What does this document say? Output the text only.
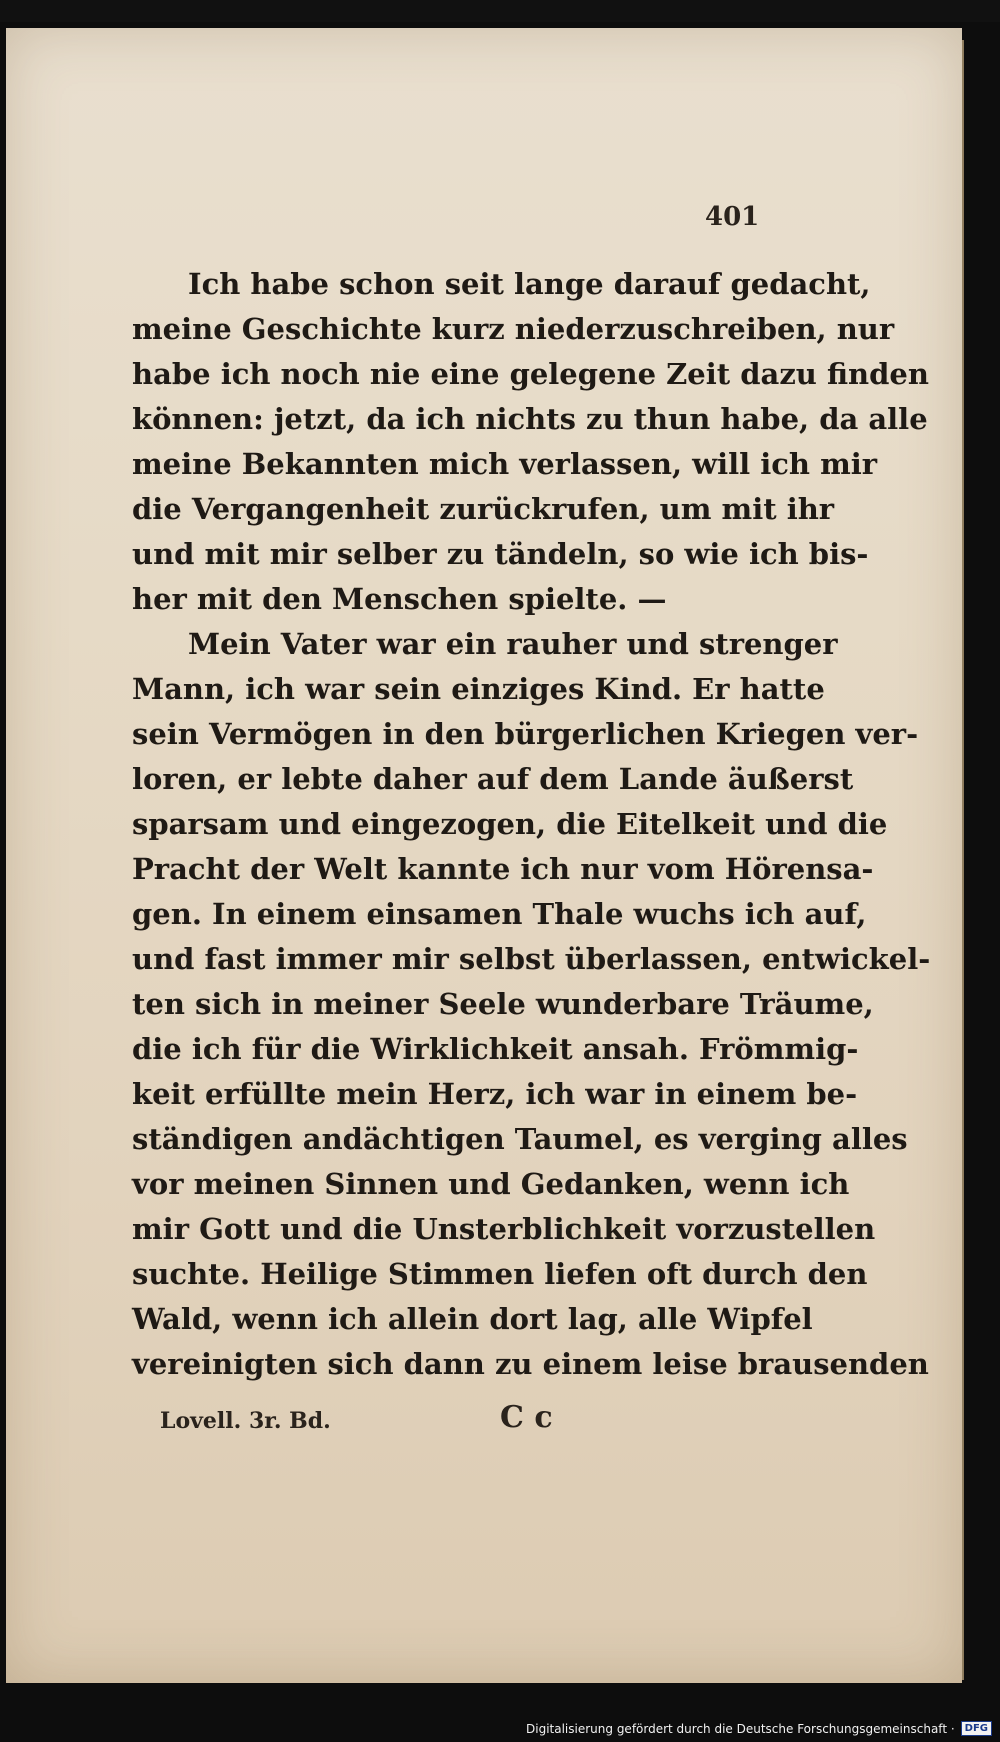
401
Ich habe schon seit lange darauf gedacht,
meine Geschichte kurz niederzuschreiben, nur
habe ich noch nie eine gelegene Zeit dazu finden
können: jetzt, da ich nichts zu thun habe, da alle
meine Bekannten mich verlassen, will ich mir
die Vergangenheit zurückrufen, um mit ihr
und mit mir selber zu tändeln, so wie ich bis-
her mit den Menschen spielte. —
Mein Vater war ein rauher und strenger
Mann, ich war sein einziges Kind. Er hatte
sein Vermögen in den bürgerlichen Kriegen ver-
loren, er lebte daher auf dem Lande äußerst
sparsam und eingezogen, die Eitelkeit und die
Pracht der Welt kannte ich nur vom Hörensa-
gen. In einem einsamen Thale wuchs ich auf,
und fast immer mir selbst überlassen, entwickel-
ten sich in meiner Seele wunderbare Träume,
die ich für die Wirklichkeit ansah. Frömmig-
keit erfüllte mein Herz, ich war in einem be-
ständigen andächtigen Taumel, es verging alles
vor meinen Sinnen und Gedanken, wenn ich
mir Gott und die Unsterblichkeit vorzustellen
suchte. Heilige Stimmen liefen oft durch den
Wald, wenn ich allein dort lag, alle Wipfel
vereinigten sich dann zu einem leise brausenden
Lovell. 3r. Bd.	C c
Digitalisierung gefördert durch die Deutsche Forschungsgemeinschaft ·	DFG
